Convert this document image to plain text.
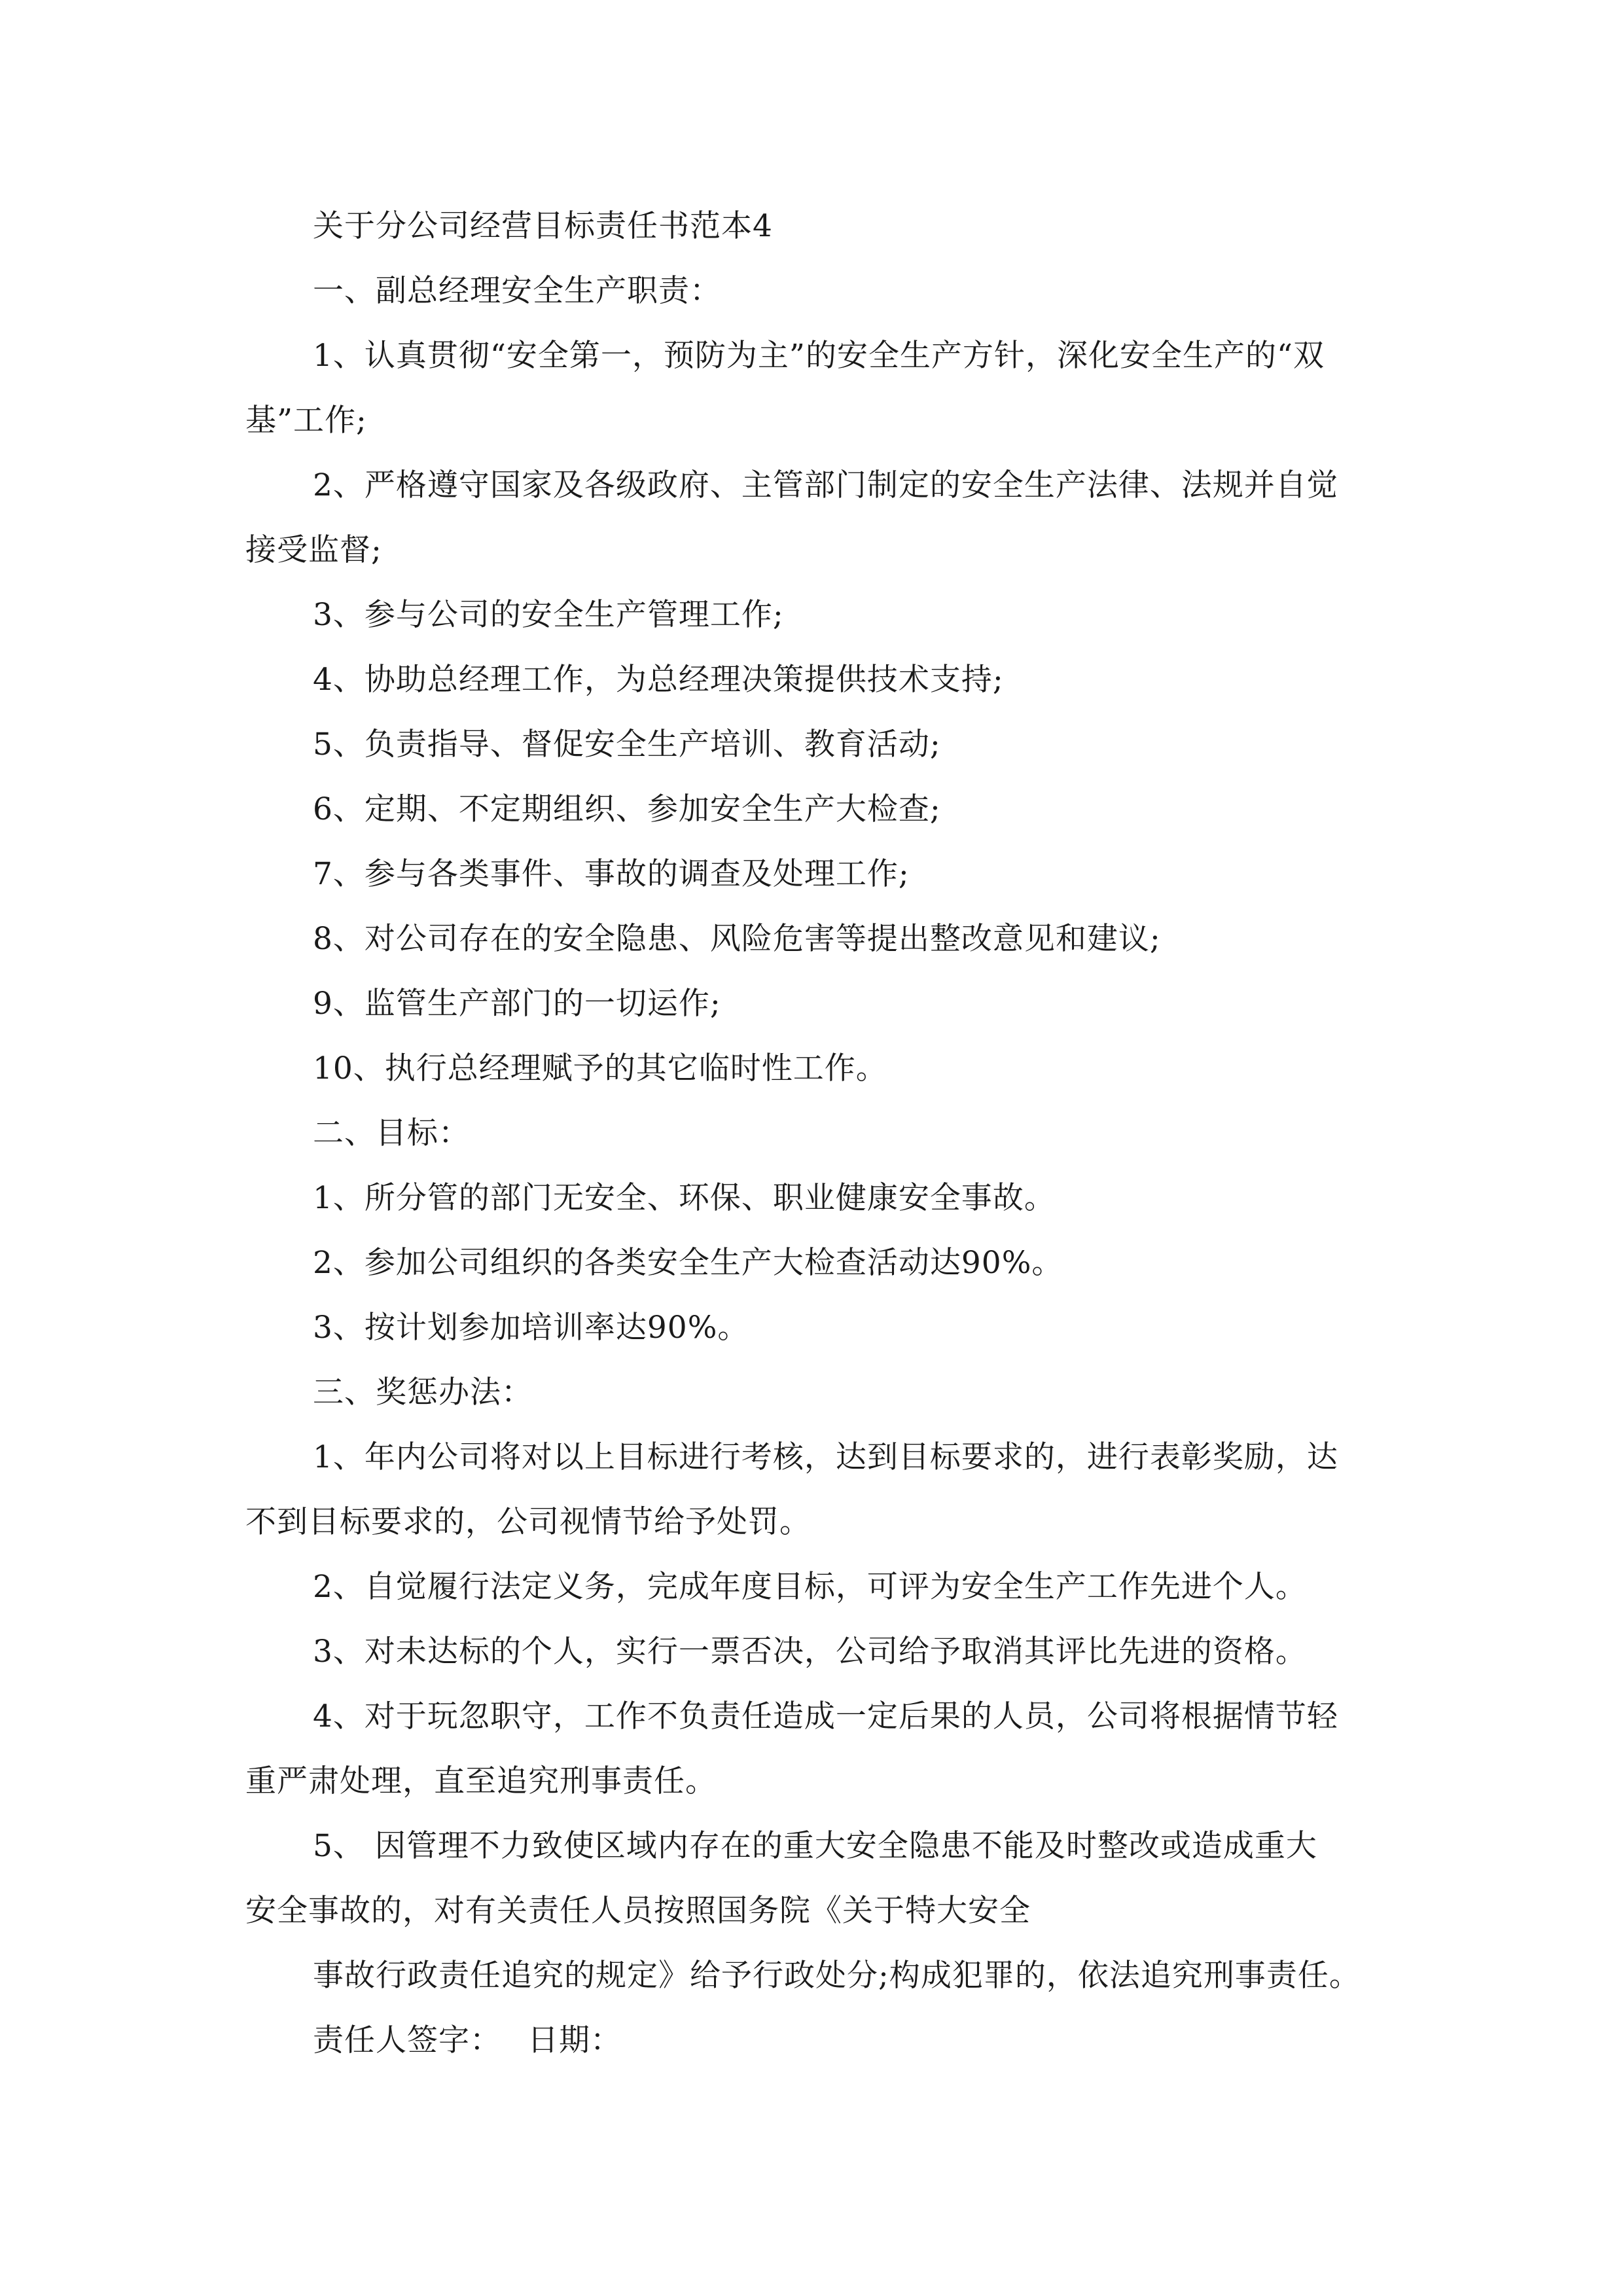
关于分公司经营目标责任书范本4
一、副总经理安全生产职责：
1、认真贯彻“安全第一，预防为主”的安全生产方针，深化安全生产的“双
基”工作;
2、严格遵守国家及各级政府、主管部门制定的安全生产法律、法规并自觉
接受监督;
3、参与公司的安全生产管理工作;
4、协助总经理工作，为总经理决策提供技术支持;
5、负责指导、督促安全生产培训、教育活动;
6、定期、不定期组织、参加安全生产大检查;
7、参与各类事件、事故的调查及处理工作;
8、对公司存在的安全隐患、风险危害等提出整改意见和建议;
9、监管生产部门的一切运作;
10、执行总经理赋予的其它临时性工作。
二、目标：
1、所分管的部门无安全、环保、职业健康安全事故。
2、参加公司组织的各类安全生产大检查活动达90%。
3、按计划参加培训率达90%。
三、奖惩办法：
1、年内公司将对以上目标进行考核，达到目标要求的，进行表彰奖励，达
不到目标要求的，公司视情节给予处罚。
2、自觉履行法定义务，完成年度目标，可评为安全生产工作先进个人。
3、对未达标的个人，实行一票否决，公司给予取消其评比先进的资格。
4、对于玩忽职守，工作不负责任造成一定后果的人员，公司将根据情节轻
重严肃处理，直至追究刑事责任。
5、 因管理不力致使区域内存在的重大安全隐患不能及时整改或造成重大
安全事故的，对有关责任人员按照国务院《关于特大安全
事故行政责任追究的规定》给予行政处分;构成犯罪的，依法追究刑事责任。
责任人签字： 日期：
